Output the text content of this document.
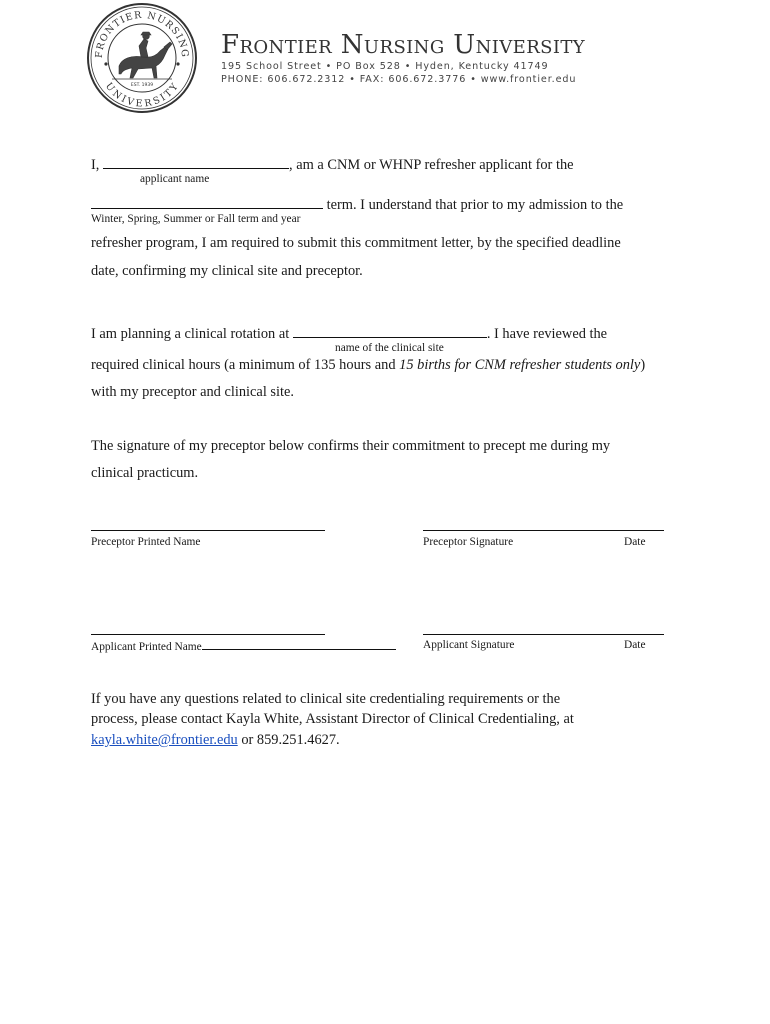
FRONTIER NURSING
UNIVERSITY
EST. 1939
Frontier Nursing University
195 School Street • PO Box 528 • Hyden, Kentucky 41749
PHONE: 606.672.2312 • FAX: 606.672.3776 • www.frontier.edu
I,	, am a CNM or WHNP refresher applicant for the
applicant name
term. I understand that prior to my admission to the
Winter, Spring, Summer or Fall term and year
refresher program, I am required to submit this commitment letter, by the specified deadline
date, confirming my clinical site and preceptor.
I am planning a clinical rotation at	. I have reviewed the
name of the clinical site
required clinical hours (a minimum of 135 hours and 15 births for CNM refresher students only)
with my preceptor and clinical site.
The signature of my preceptor below confirms their commitment to precept me during my
clinical practicum.
Preceptor Printed Name	Preceptor Signature	Date
Applicant Printed Name	Applicant Signature	Date
If you have any questions related to clinical site credentialing requirements or the
process, please contact Kayla White, Assistant Director of Clinical Credentialing, at
kayla.white@frontier.edu or 859.251.4627.
